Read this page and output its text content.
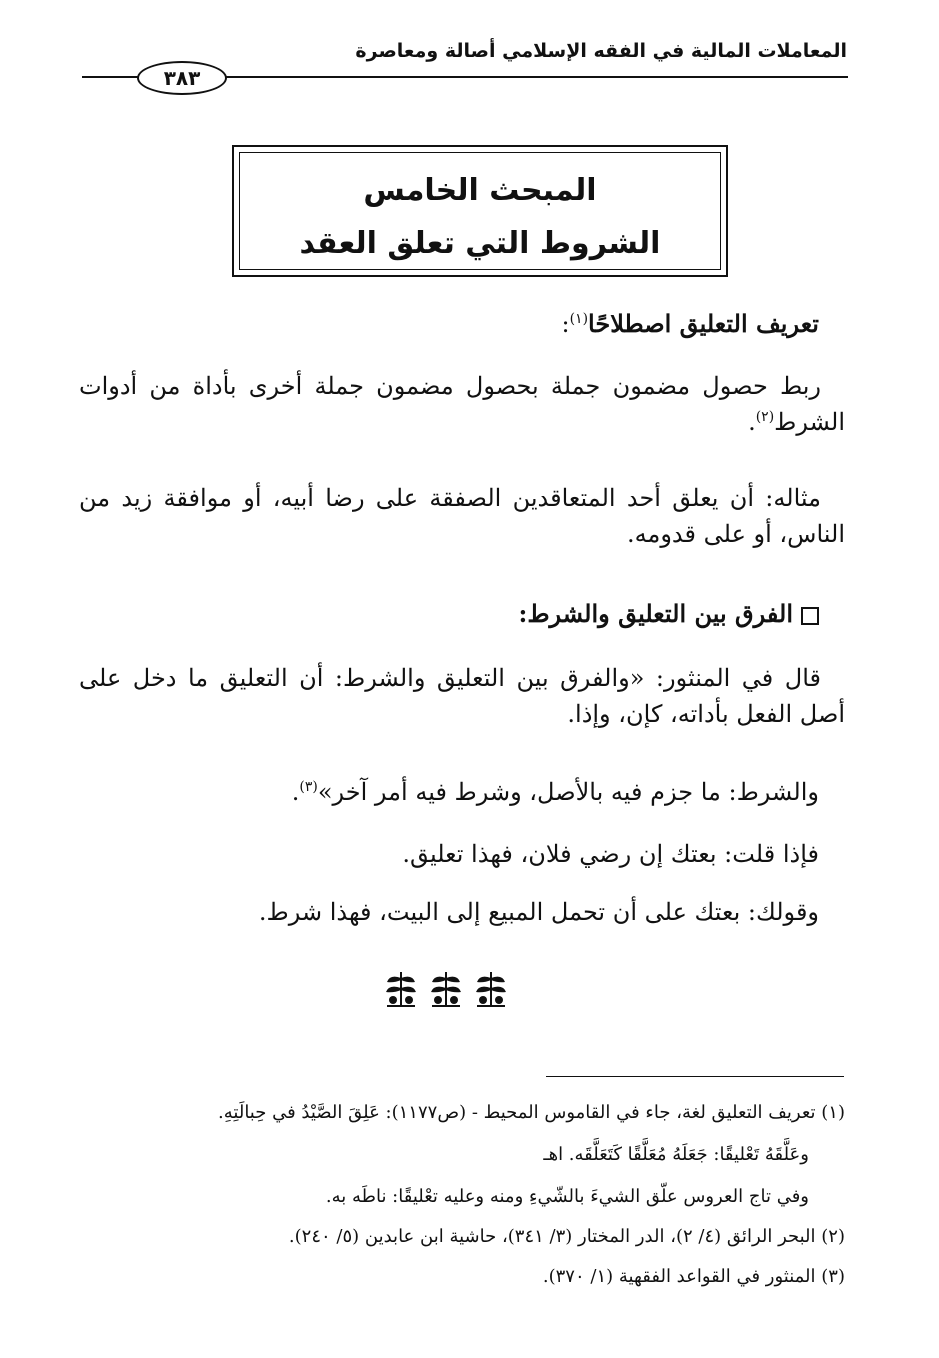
المعاملات المالية في الفقه الإسلامي أصالة ومعاصرة
٣٨٣
المبحث الخامس
الشروط التي تعلق العقد
تعريف التعليق اصطلاحًا$^{(١)}$:
ربط حصول مضمون جملة بحصول مضمون جملة أخرى بأداة من أدوات الشرط$^{(٢)}$.
مثاله: أن يعلق أحد المتعاقدين الصفقة على رضا أبيه، أو موافقة زيد من الناس، أو على قدومه.
الفرق بين التعليق والشرط:
قال في المنثور: «والفرق بين التعليق والشرط: أن التعليق ما دخل على أصل الفعل بأداته، كإن، وإذا.
والشرط: ما جزم فيه بالأصل، وشرط فيه أمر آخر»$^{(٣)}$.
فإذا قلت: بعتك إن رضي فلان، فهذا تعليق.
وقولك: بعتك على أن تحمل المبيع إلى البيت، فهذا شرط.
(١) تعريف التعليق لغة، جاء في القاموس المحيط - (ص١١٧٧): عَلِقَ الصَّيْدُ في حِبالَتِهِ.
وعَلَّقَهُ تَعْليقًا: جَعَلَهُ مُعَلَّقًا كَتَعَلَّقَه. اهـ
وفي تاج العروس علّق الشيءَ بالشّيءِ ومنه وعليه تعْليقًا: ناطَه به.
(٢) البحر الرائق (٤/ ٢)، الدر المختار (٣/ ٣٤١)، حاشية ابن عابدين (٥/ ٢٤٠).
(٣) المنثور في القواعد الفقهية (١/ ٣٧٠).
